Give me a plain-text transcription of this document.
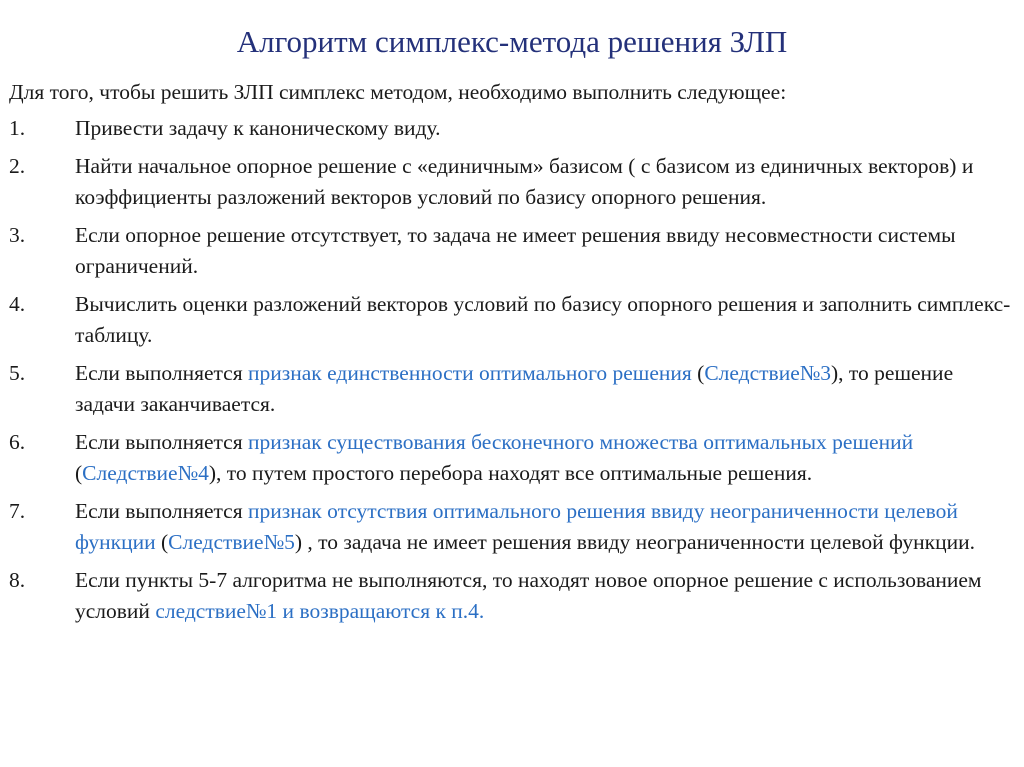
Алгоритм симплекс-метода решения ЗЛП
Для того, чтобы решить ЗЛП симплекс методом, необходимо выполнить следующее:
1. Привести задачу к каноническому виду.
2. Найти начальное опорное решение с «единичным» базисом ( с базисом из единичных векторов) и коэффициенты разложений векторов условий по базису опорного решения.
3. Если опорное решение отсутствует, то задача не имеет решения ввиду несовместности системы ограничений.
4. Вычислить оценки разложений векторов условий по базису опорного решения и заполнить симплекс-таблицу.
5. Если выполняется признак единственности оптимального решения (Следствие№3), то решение задачи заканчивается.
6. Если выполняется признак существования бесконечного множества оптимальных решений (Следствие№4), то путем простого перебора находят все оптимальные решения.
7. Если выполняется признак отсутствия оптимального решения ввиду неограниченности целевой функции (Следствие№5) , то задача не имеет решения ввиду неограниченности целевой функции.
8. Если пункты 5-7 алгоритма не выполняются, то находят новое опорное решение с использованием условий следствие№1 и возвращаются к п.4.
